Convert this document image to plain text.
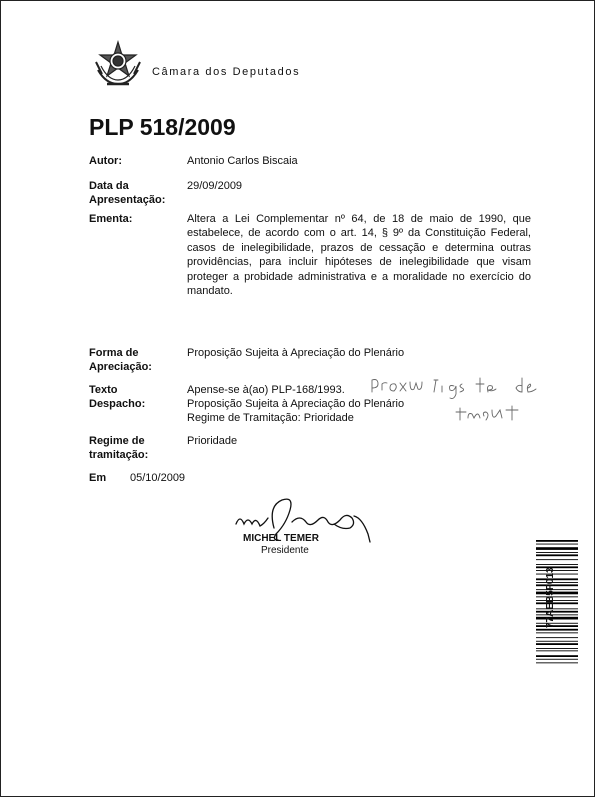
Câmara dos Deputados
PLP 518/2009
Autor:	Antonio Carlos Biscaia
Data da
Apresentação:
29/09/2009
Ementa:	Altera a Lei Complementar nº 64, de 18 de maio de 1990, que estabelece, de acordo com o art. 14, § 9º da Constituição Federal, casos de inelegibilidade, prazos de cessação e determina outras providências, para incluir hipóteses de inelegibilidade que visam proteger a probidade administrativa e a moralidade no exercício do mandato.

Forma de
Apreciação:
Proposição Sujeita à Apreciação do Plenário
Texto
Despacho:
Apense-se à(ao) PLP-168/1993.
Proposição Sujeita à Apreciação do Plenário
Regime de Tramitação: Prioridade
Regime de
tramitação:
Prioridade
Em 05/10/2009
MICHEL TEMER
Presidente
77AEB5F013
